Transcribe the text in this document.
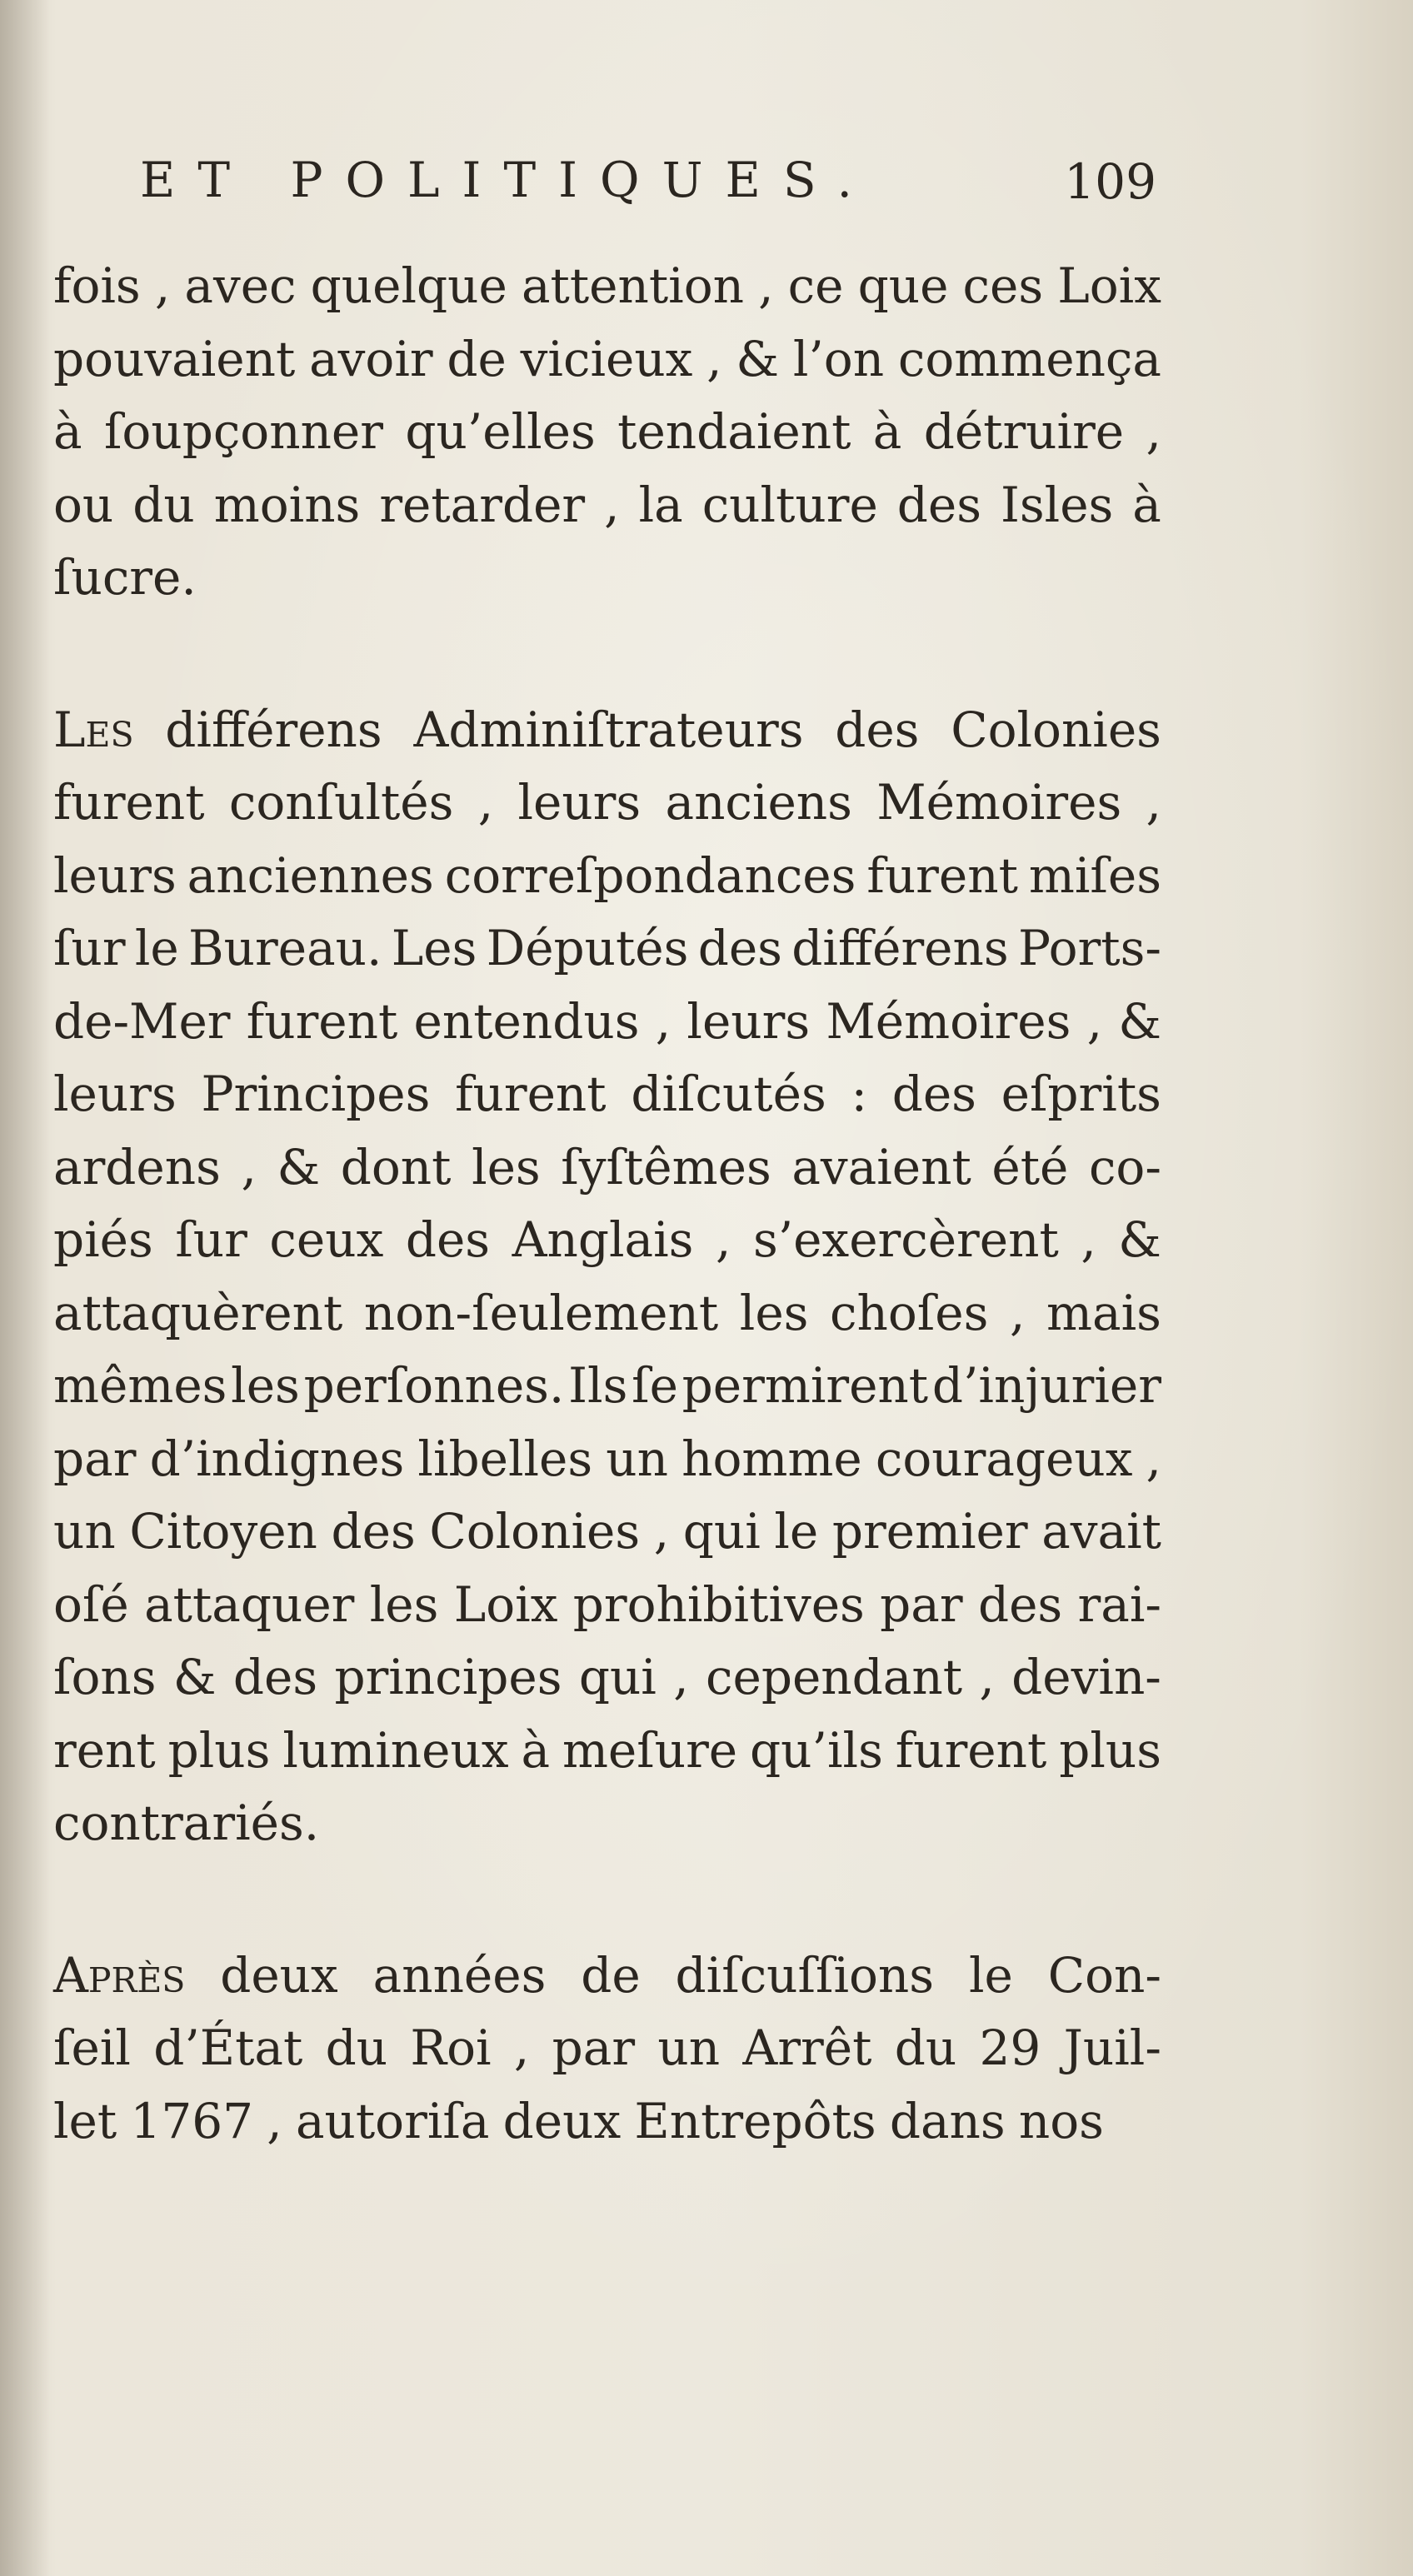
ET POLITIQUES.	109
fois , avec quelque attention , ce que ces Loix
pouvaient avoir de vicieux , & l’on commença
à ſoupçonner qu’elles tendaient à détruire ,
ou du moins retarder , la culture des Isles à
ſucre.
Les différens Adminiſtrateurs des Colonies
furent conſultés , leurs anciens Mémoires ,
leurs anciennes correſpondances furent miſes
ſur le Bureau. Les Députés des différens Ports-
de-Mer furent entendus , leurs Mémoires , &
leurs Principes furent diſcutés : des eſprits
ardens , & dont les ſyſtêmes avaient été co-
piés ſur ceux des Anglais , s’exercèrent , &
attaquèrent non-ſeulement les choſes , mais
mêmes les perſonnes. Ils ſe permirent d’injurier
par d’indignes libelles un homme courageux ,
un Citoyen des Colonies , qui le premier avait
oſé attaquer les Loix prohibitives par des rai-
ſons & des principes qui , cependant , devin-
rent plus lumineux à meſure qu’ils furent plus
contrariés.
Après deux années de diſcuſſions le Con-
ſeil d’État du Roi , par un Arrêt du 29 Juil-
let 1767 , autoriſa deux Entrepôts dans nos
